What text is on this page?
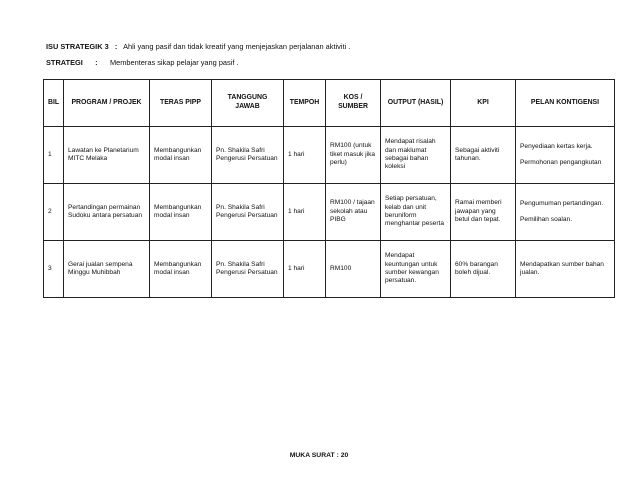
ISU STRATEGIK 3 : Ahli yang pasif dan tidak kreatif yang menjejaskan perjalanan aktiviti .
STRATEGI : Membenteras sikap pelajar yang pasif .
BIL	PROGRAM / PROJEK	TERAS PIPP	TANGGUNG JAWAB	TEMPOH	KOS / SUMBER	OUTPUT (HASIL)	KPI	PELAN KONTIGENSI
1	Lawatan ke Planetarium MITC Melaka	Membangunkan modal insan	Pn. Shakila Safri Pengerusi Persatuan	1 hari	RM100 (untuk tiket masuk jika perlu)	Mendapat risalah dan maklumat sebagai bahan koleksi	Sebagai aktiviti tahunan.	Penyediaan kertas kerja.
Permohonan pengangkutan

2	Pertandingan permainan Sudoku antara persatuan	Membangunkan modal insan	Pn. Shakila Safri Pengerusi Persatuan	1 hari	RM100 / tajaan sekolah atau PIBG	Setiap persatuan, kelab dan unit beruniform menghantar peserta	Ramai memberi jawapan yang betul dan tepat.	Pengumuman pertandingan.
Pemilihan soalan.

3	Gerai jualan sempena Minggu Muhibbah	Membangunkan modal insan	Pn. Shakila Safri Pengerusi Persatuan	1 hari	RM100	Mendapat keuntungan untuk sumber kewangan persatuan.	60% barangan boleh dijual.	Mendapatkan sumber bahan jualan.
MUKA SURAT : 20
